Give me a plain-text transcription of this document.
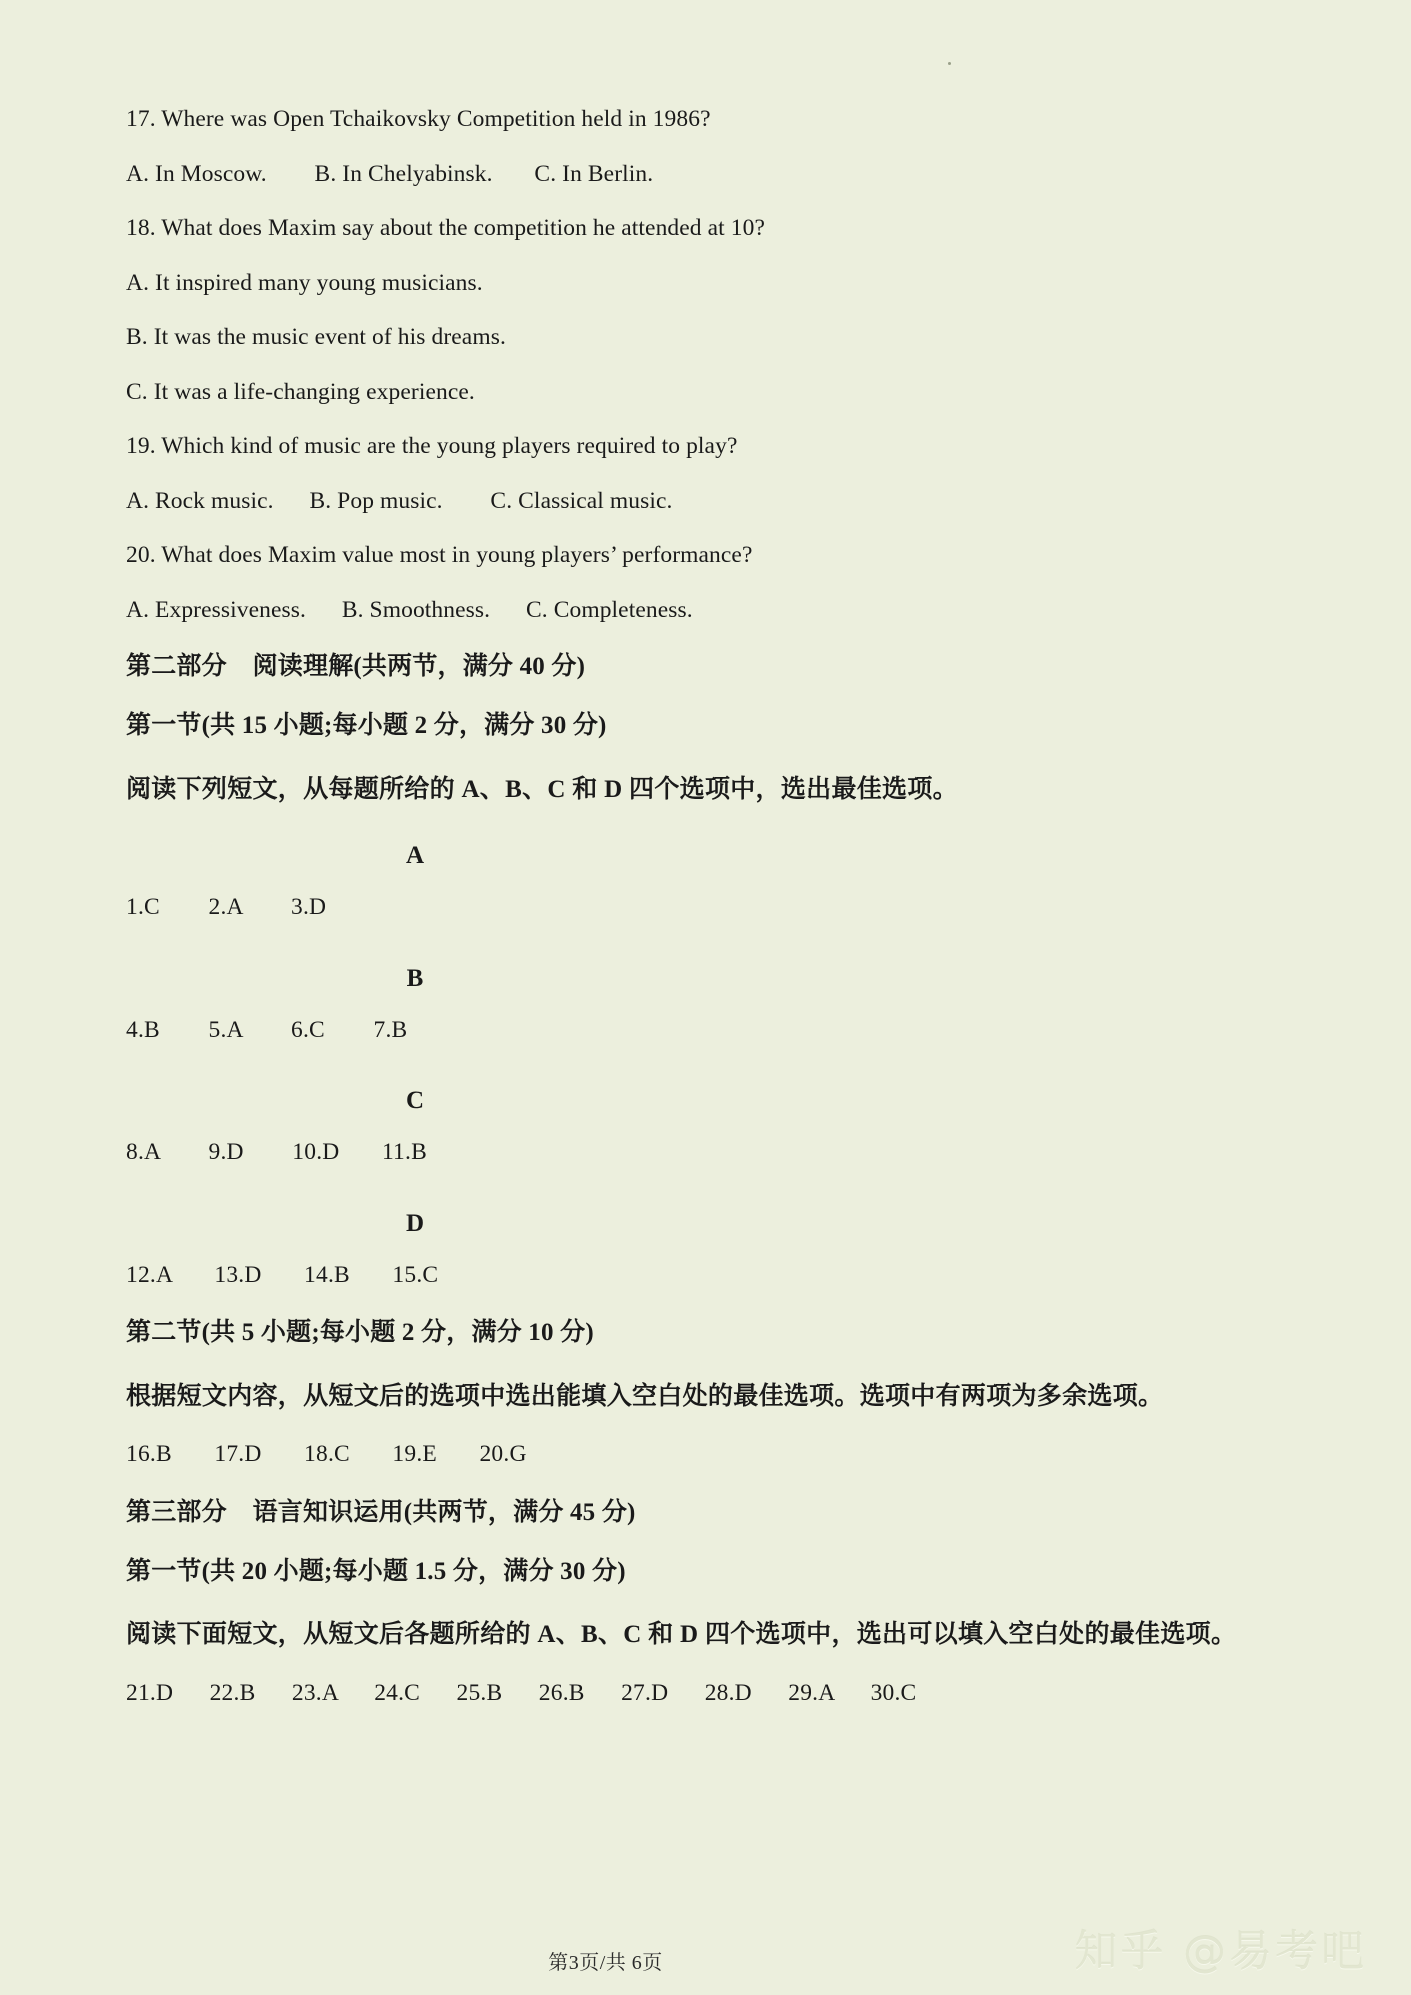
17. Where was Open Tchaikovsky Competition held in 1986?

A. In Moscow.        B. In Chelyabinsk.       C. In Berlin.

18. What does Maxim say about the competition he attended at 10?

A. It inspired many young musicians.

B. It was the music event of his dreams.

C. It was a life-changing experience.

19. Which kind of music are the young players required to play?

A. Rock music.      B. Pop music.        C. Classical music.

20. What does Maxim value most in young players’ performance?

A. Expressiveness.      B. Smoothness.      C. Completeness.

第二部分    阅读理解(共两节，满分 40 分)

第一节(共 15 小题;每小题 2 分，满分 30 分)

阅读下列短文，从每题所给的 A、B、C 和 D 四个选项中，选出最佳选项。

A

1.C        2.A        3.D

B

4.B        5.A        6.C        7.B

C

8.A        9.D        10.D       11.B

D

12.A       13.D       14.B       15.C

第二节(共 5 小题;每小题 2 分，满分 10 分)

根据短文内容，从短文后的选项中选出能填入空白处的最佳选项。选项中有两项为多余选项。

16.B       17.D       18.C       19.E       20.G

第三部分    语言知识运用(共两节，满分 45 分)

第一节(共 20 小题;每小题 1.5 分，满分 30 分)

阅读下面短文，从短文后各题所给的 A、B、C 和 D 四个选项中，选出可以填入空白处的最佳选项。

21.D      22.B      23.A      24.C      25.B      26.B      27.D      28.D      29.A      30.C

第3页/共 6页	知乎 @易考吧
